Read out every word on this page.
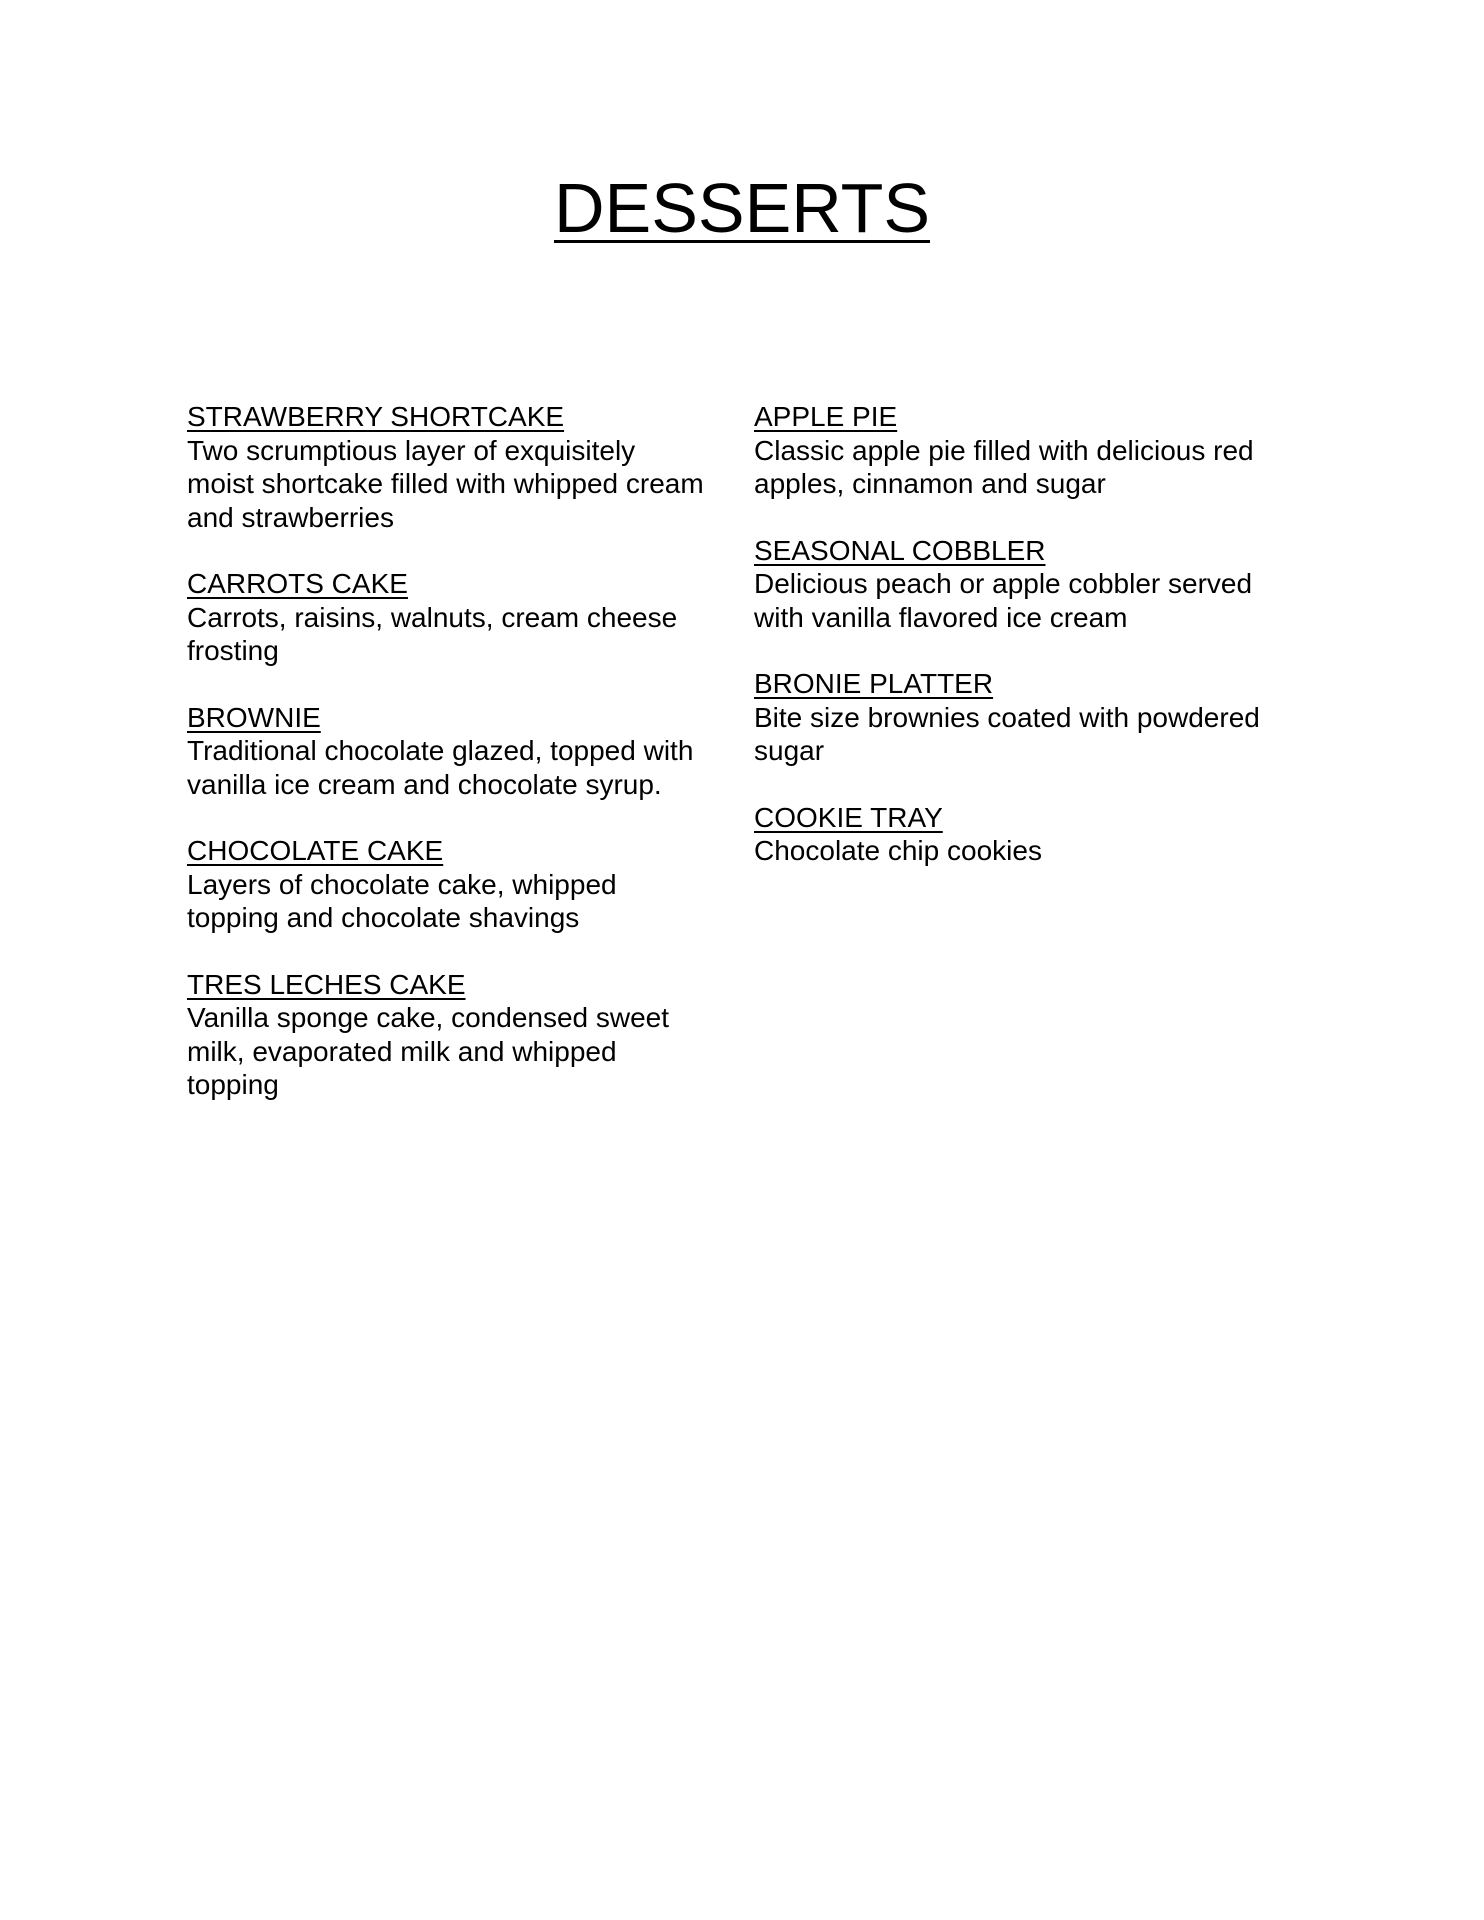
DESSERTS
STRAWBERRY SHORTCAKE
Two scrumptious layer of exquisitely
moist shortcake filled with whipped cream
and strawberries
CARROTS CAKE
Carrots, raisins, walnuts, cream cheese
frosting
BROWNIE
Traditional chocolate glazed, topped with
vanilla ice cream and chocolate syrup.
CHOCOLATE CAKE
Layers of chocolate cake, whipped
topping and chocolate shavings
TRES LECHES CAKE
Vanilla sponge cake, condensed sweet
milk, evaporated milk and whipped
topping
APPLE PIE
Classic apple pie filled with delicious red
apples, cinnamon and sugar
SEASONAL COBBLER
Delicious peach or apple cobbler served
with vanilla flavored ice cream
BRONIE PLATTER
Bite size brownies coated with powdered
sugar
COOKIE TRAY
Chocolate chip cookies
